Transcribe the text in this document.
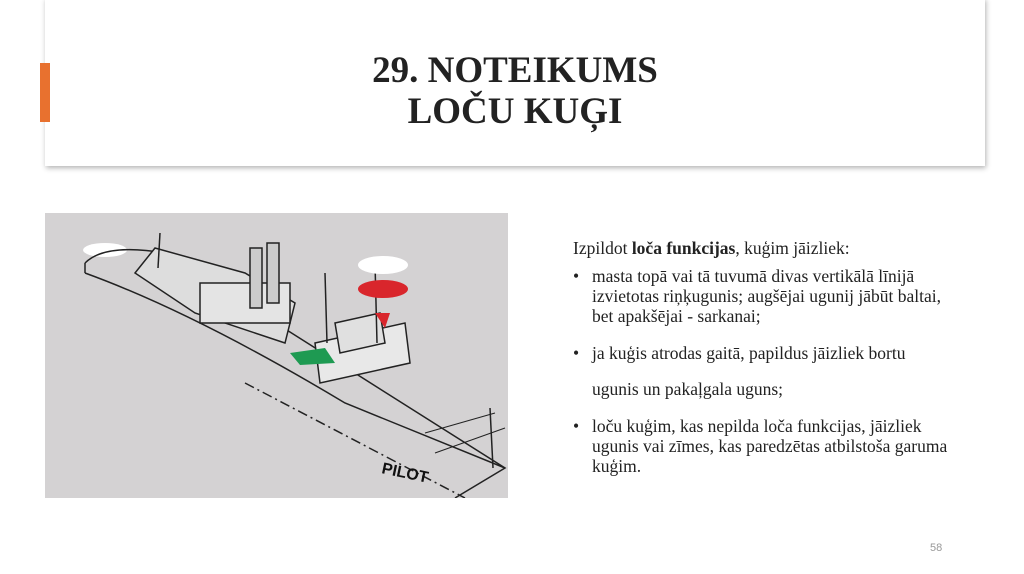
29. NOTEIKUMS
LOČU KUĢI
PILOT

Izpildot loča funkcijas, kuģim jāizliek:

• masta topā vai tā tuvumā divas vertikālā līnijā izvietotas riņķugunis; augšējai ugunij jābūt baltai, bet apakšējai - sarkanai;
• ja kuģis atrodas gaitā, papildus jāizliek bortu
ugunis un pakaļgala uguns;
• loču kuģim, kas nepilda loča funkcijas, jāizliek ugunis vai zīmes, kas paredzētas atbilstoša garuma kuģim.
58
